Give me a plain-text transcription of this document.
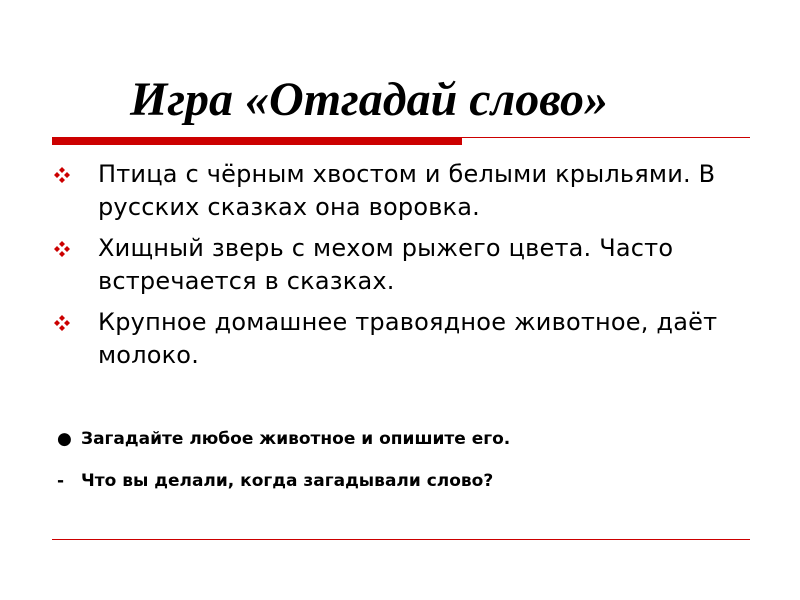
Игра «Отгадай слово»
Птица с чёрным хвостом и белыми крыльями. В русских сказках она воровка.
Хищный зверь с мехом рыжего цвета. Часто встречается в сказках.
Крупное домашнее травоядное животное, даёт молоко.
● Загадайте любое животное и опишите его.
- Что вы делали, когда загадывали слово?
